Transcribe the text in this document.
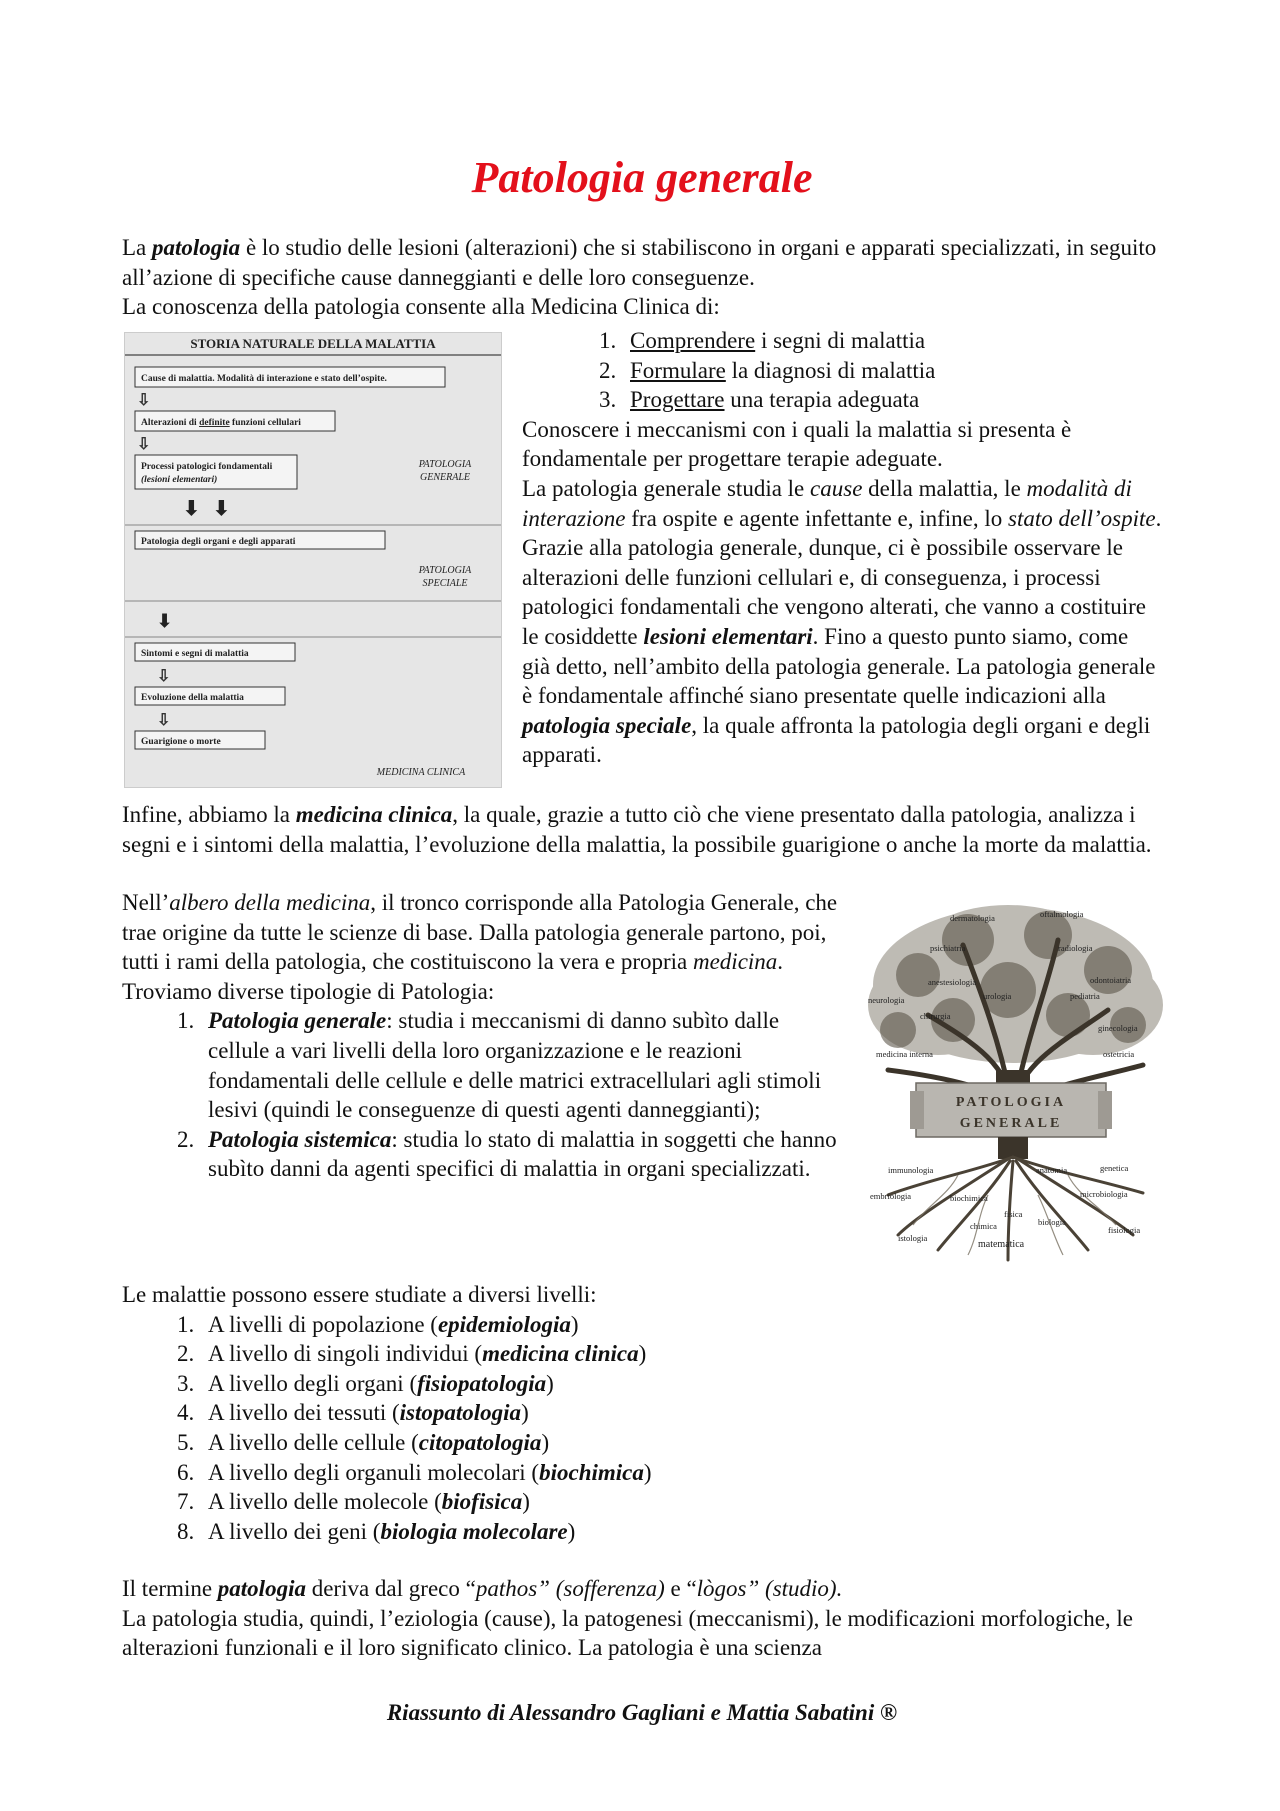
Patologia generale

La patologia è lo studio delle lesioni (alterazioni) che si stabiliscono in organi e apparati specializzati, in seguito all’azione di specifiche cause danneggianti e delle loro conseguenze.

La conoscenza della patologia consente alla Medicina Clinica di:

STORIA NATURALE DELLA MALATTIA
Cause di malattia. Modalità di interazione e stato dell’ospite.
⇩
Alterazioni di definite funzioni cellulari
⇩
Processi patologici fondamentali
(lesioni elementari)
PATOLOGIA
GENERALE
⬇ ⬇
Patologia degli organi e degli apparati
PATOLOGIA
SPECIALE
⬇
Sintomi e segni di malattia
⇩
Evoluzione della malattia
⇩
Guarigione o morte
MEDICINA CLINICA
1. Comprendere i segni di malattia
2. Formulare la diagnosi di malattia
3. Progettare una terapia adeguata

Conoscere i meccanismi con i quali la malattia si presenta è fondamentale per progettare terapie adeguate.

La patologia generale studia le cause della malattia, le modalità di interazione fra ospite e agente infettante e, infine, lo stato dell’ospite. Grazie alla patologia generale, dunque, ci è possibile osservare le alterazioni delle funzioni cellulari e, di conseguenza, i processi patologici fondamentali che vengono alterati, che vanno a costituire le cosiddette lesioni elementari. Fino a questo punto siamo, come già detto, nell’ambito della patologia generale. La patologia generale è fondamentale affinché siano presentate quelle indicazioni alla patologia speciale, la quale affronta la patologia degli organi e degli apparati.

Infine, abbiamo la medicina clinica, la quale, grazie a tutto ciò che viene presentato dalla patologia, analizza i segni e i sintomi della malattia, l’evoluzione della malattia, la possibile guarigione o anche la morte da malattia.

Nell’albero della medicina, il tronco corrisponde alla Patologia Generale, che trae origine da tutte le scienze di base. Dalla patologia generale partono, poi, tutti i rami della patologia, che costituiscono la vera e propria medicina.

Troviamo diverse tipologie di Patologia:

1. Patologia generale: studia i meccanismi di danno subìto dalle cellule a vari livelli della loro organizzazione e le reazioni fondamentali delle cellule e delle matrici extracellulari agli stimoli lesivi (quindi le conseguenze di questi agenti danneggianti);
2. Patologia sistemica: studia lo stato di malattia in soggetti che hanno subìto danni da agenti specifici di malattia in organi specializzati.
dermatologia	oftalmologia
psichiatria	radiologia
odontoiatria
anestesiologia
neurologia	urologia	pediatria
chirurgia
ginecologia
medicina interna	ostetricia
PATOLOGIA
GENERALE
immunologia	anatomia	genetica
embriologia	biochimica	microbiologia
fisica
chimica	biologia
fisiologia
istologia
matematica

Le malattie possono essere studiate a diversi livelli:

1. A livelli di popolazione (epidemiologia)
2. A livello di singoli individui (medicina clinica)
3. A livello degli organi (fisiopatologia)
4. A livello dei tessuti (istopatologia)
5. A livello delle cellule (citopatologia)
6. A livello degli organuli molecolari (biochimica)
7. A livello delle molecole (biofisica)
8. A livello dei geni (biologia molecolare)

Il termine patologia deriva dal greco “pathos” (sofferenza) e “lògos” (studio).

La patologia studia, quindi, l’eziologia (cause), la patogenesi (meccanismi), le modificazioni morfologiche, le alterazioni funzionali e il loro significato clinico. La patologia è una scienza

Riassunto di Alessandro Gagliani e Mattia Sabatini ®
